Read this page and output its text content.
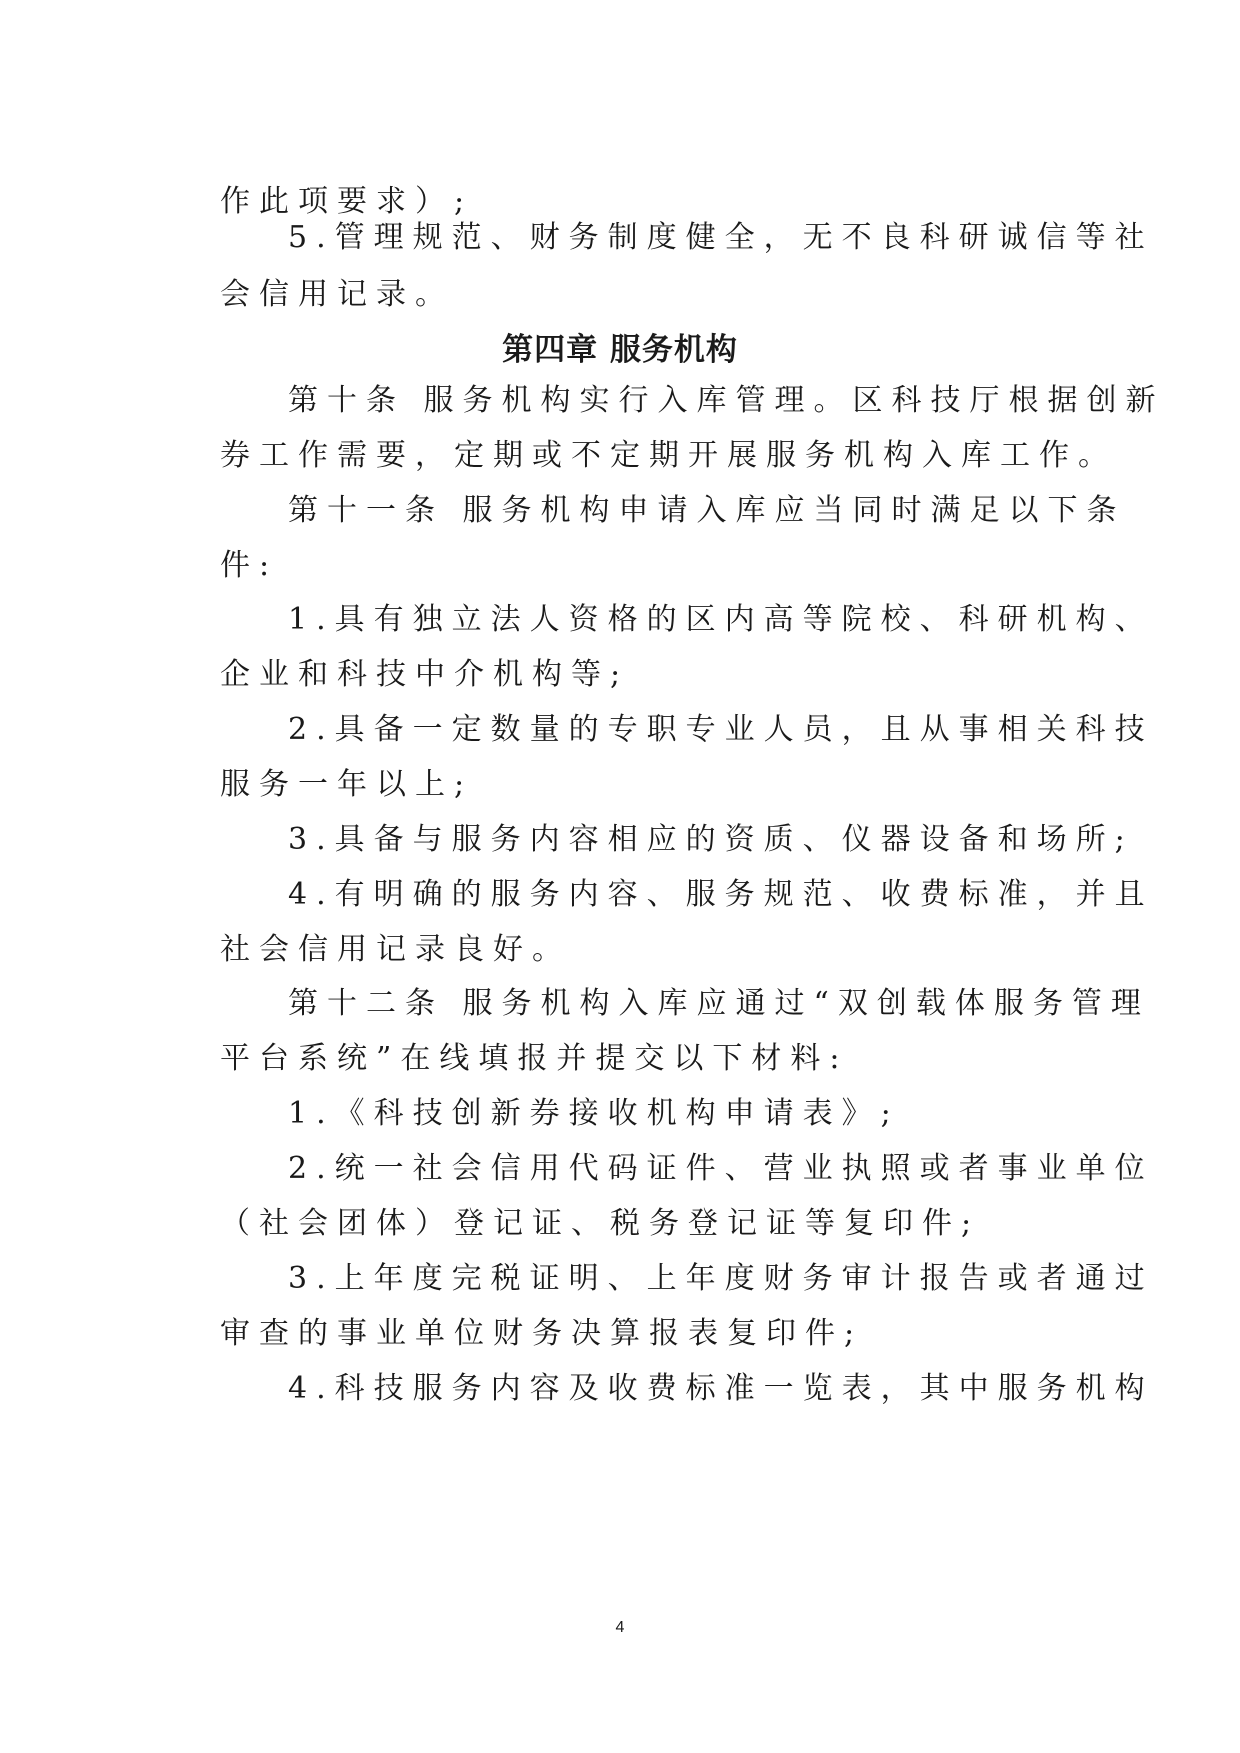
作此项要求）;
5.管理规范、财务制度健全，无不良科研诚信等社
会信用记录。
第四章 服务机构
第十条 服务机构实行入库管理。区科技厅根据创新
券工作需要，定期或不定期开展服务机构入库工作。
第十一条 服务机构申请入库应当同时满足以下条
件:
1.具有独立法人资格的区内高等院校、科研机构、
企业和科技中介机构等;
2.具备一定数量的专职专业人员，且从事相关科技
服务一年以上;
3.具备与服务内容相应的资质、仪器设备和场所;
4.有明确的服务内容、服务规范、收费标准，并且
社会信用记录良好。
第十二条 服务机构入库应通过“双创载体服务管理
平台系统”在线填报并提交以下材料:
1.《科技创新券接收机构申请表》;
2.统一社会信用代码证件、营业执照或者事业单位
（社会团体）登记证、税务登记证等复印件;
3.上年度完税证明、上年度财务审计报告或者通过
审查的事业单位财务决算报表复印件;
4.科技服务内容及收费标准一览表，其中服务机构
4
